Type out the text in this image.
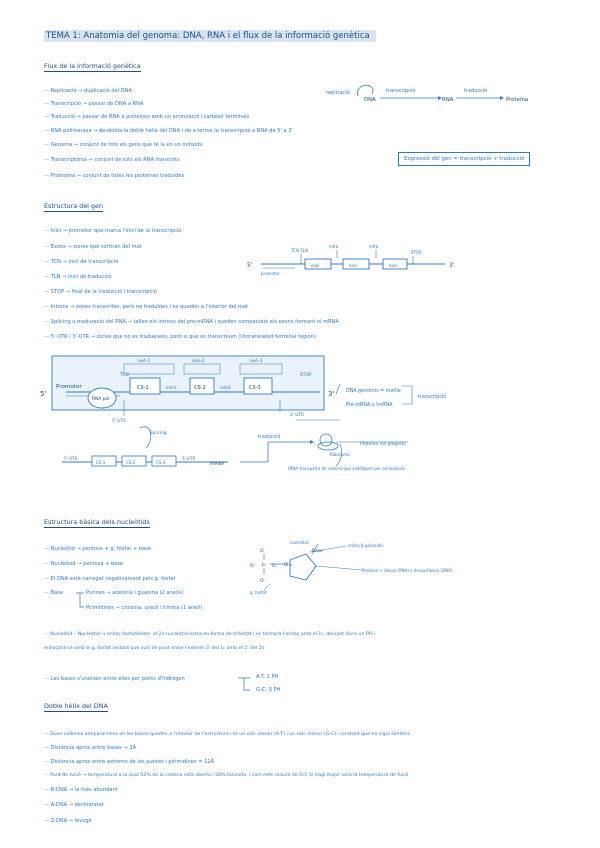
TEMA 1: Anatomia del genoma: DNA, RNA i el flux de la informació genètica
Flux de la informació genètica
— Replicació → duplicació del DNA
— Transcripció → passar de DNA a RNA
— Traducció → passar de RNA a proteïnes amb un aminoàcid i carboxil terminals
— RNA polimerasa → desdobla la doble hèlix del DNA i de a terme la transcripció a RNA de 5' a 3'
— Genoma → conjunt de tots els gens que té la en un individu
— Transcriptoma → conjunt de tots els RNA transcrits
— Proteoma → conjunt de totes les proteïnes traduïdes
replicació
DNA
transcripció
RNA
traducció
Proteïna
Expressió del gen = transcripció + traducció
Estructura del gen
— Inici → promotor que marca l'inici de la transcripció
— Exons → zones que sortiran del mat
— TCN → inici de transcripció
— TLN → inici de traducció
— STOP → final de la traducció i transcripció
— Introns → zones transcrites, però no traduïdes i es queden a l'interior del mat
— Splicing o maduració del RNA → tallen els introns del pre-mRNA i queden compactats els exons formant el mRNA
— 5'-UTR i 3'-UTR → zones que no es tradueixen, però sí que es transcriuen (Untranslated terminal region)
5'	3'
promotor
TCN TLN
exó	exó	exó
intró	intró
STOP
5'	3'
Promotor
TCN	STOP
exó-1	exó-2	exó-3
CS-1	CS-2	CS-3
intró	intró
RNA pol
5'-UTR
3'-UTR
Splicing
5'-UTR
CS-1	CS-2	CS-3
3'-UTR
mRNA
DNA genòmic = motlle
Pre-mRNA o hnRNA
transcripció
traducció
Proteïna (es plegarà)
Ribosoma
tRNA transporta de codons que codifiquen per aminoàcids
Estructura bàsica dels nucleòtids
— Nucleòtid → pentosa + g. fosfat + base
— Nucleòsid → pentosa + base
— El DNA està carregat negativament pels g. fosfat
— Base	Purines → adenina i guanina (2 anells)
Pirimidines → citosina, uracil i timina (1 anell)
O
O⁻ P O
O⁻
CH₂
nucleòtid
Base
enllaç β-glicosídic
Pentosa → ribosa (RNA) o desoxiribosa (DNA)
g. fosfat
— Nucleòtid – Nucleòtid → enllaç fosfodiéster: el 2n nucleòtid entra en forma de trifosfat i es formarà l'enllaç amb el 1r, deixant lliure un PPi i
enllaçant-se amb el g. fosfat restant que surt de punt entre l'extrem 3' del 1r amb el 5' del 2n
— Les bases s'uneixen entre elles per ponts d'hidrogen	A-T: 2 PH
G-C: 3 PH
Doble hèlix del DNA
— Dues cadenes antiparal·leles on les bases queden a l'interior de l'estructura i té un solc menor (A-T) i un solc menor (G-C), constant que no sigui simètric
— Distància aprox entre bases → 3Å
— Distància aprox entre extrems de les puntes i pirimidines = 11Å
— Punt de fusió → temperatura a la qual 50% de la cadena està oberta i 50% tancada, i com més relació de G-C hi hagi major serà la temperatura de fusió
— B-DNA → la més abundant
— A-DNA → deshidratat
— Z-DNA → levogir
